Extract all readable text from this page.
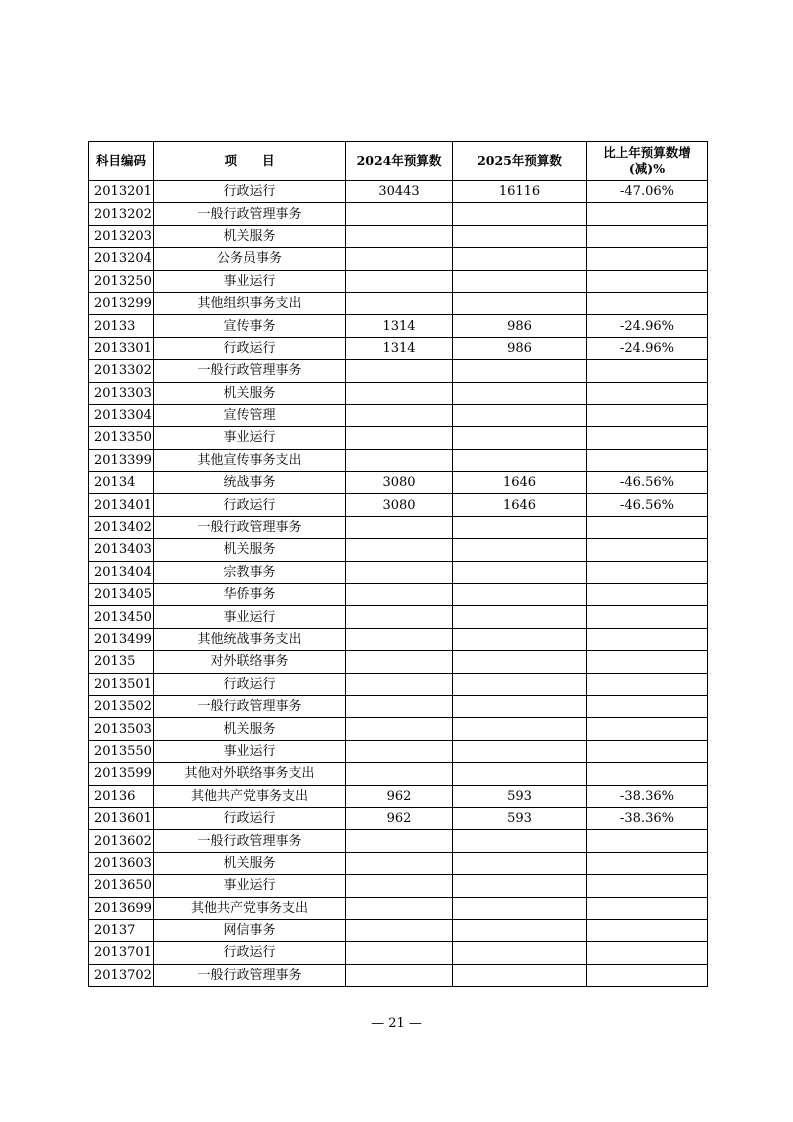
科目编码	项　　目	2024年预算数	2025年预算数	比上年预算数增(减)%
2013201	行政运行	30443	16116	-47.06%
2013202	一般行政管理事务			
2013203	机关服务			
2013204	公务员事务			
2013250	事业运行			
2013299	其他组织事务支出			
20133	宣传事务	1314	986	-24.96%
2013301	行政运行	1314	986	-24.96%
2013302	一般行政管理事务			
2013303	机关服务			
2013304	宣传管理			
2013350	事业运行			
2013399	其他宣传事务支出			
20134	统战事务	3080	1646	-46.56%
2013401	行政运行	3080	1646	-46.56%
2013402	一般行政管理事务			
2013403	机关服务			
2013404	宗教事务			
2013405	华侨事务			
2013450	事业运行			
2013499	其他统战事务支出			
20135	对外联络事务			
2013501	行政运行			
2013502	一般行政管理事务			
2013503	机关服务			
2013550	事业运行			
2013599	其他对外联络事务支出			
20136	其他共产党事务支出	962	593	-38.36%
2013601	行政运行	962	593	-38.36%
2013602	一般行政管理事务			
2013603	机关服务			
2013650	事业运行			
2013699	其他共产党事务支出			
20137	网信事务			
2013701	行政运行			
2013702	一般行政管理事务			
— 21 —
